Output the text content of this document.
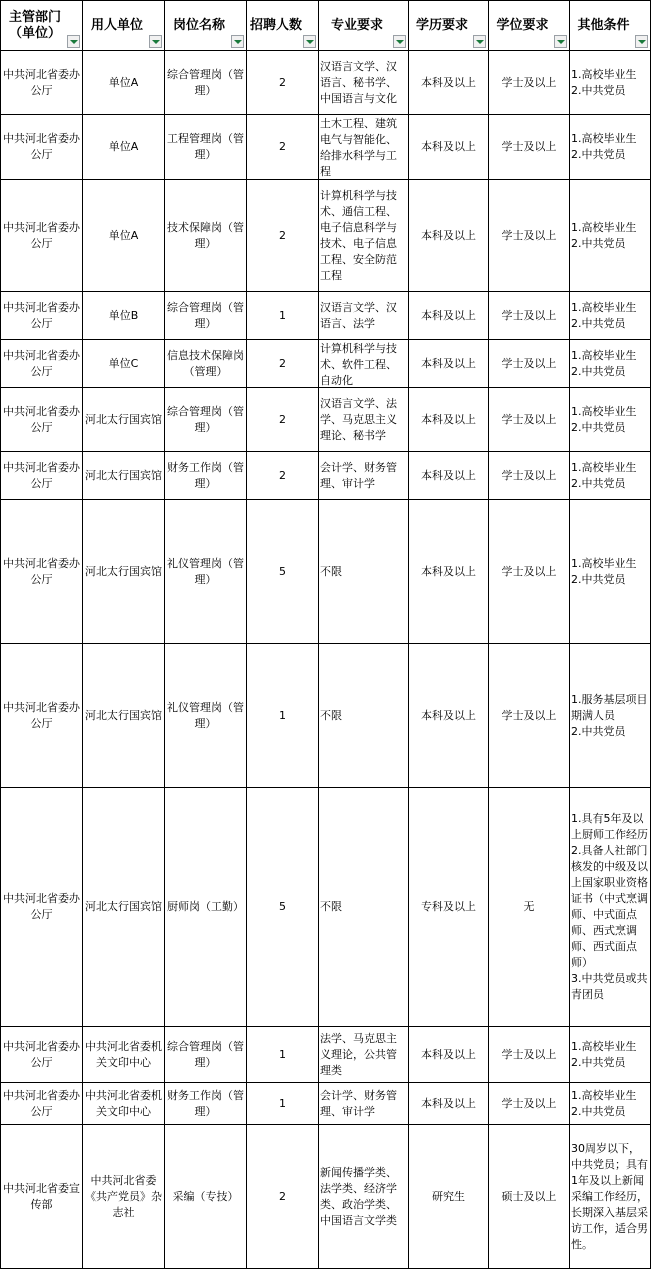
主管部门（单位）	用人单位	岗位名称	招聘人数	专业要求	学历要求	学位要求	其他条件

中共河北省委办公厅	单位A	综合管理岗（管理）	2	汉语言文学、汉语言、秘书学、中国语言与文化	本科及以上	学士及以上	1.高校毕业生
2.中共党员

中共河北省委办公厅	单位A	工程管理岗（管理）	2	土木工程、建筑电气与智能化、给排水科学与工程	本科及以上	学士及以上	1.高校毕业生
2.中共党员

中共河北省委办公厅	单位A	技术保障岗（管理）	2	计算机科学与技术、通信工程、电子信息科学与技术、电子信息工程、安全防范工程	本科及以上	学士及以上	1.高校毕业生
2.中共党员

中共河北省委办公厅	单位B	综合管理岗（管理）	1	汉语言文学、汉语言、法学	本科及以上	学士及以上	1.高校毕业生
2.中共党员

中共河北省委办公厅	单位C	信息技术保障岗（管理）	2	计算机科学与技术、软件工程、自动化	本科及以上	学士及以上	1.高校毕业生
2.中共党员

中共河北省委办公厅	河北太行国宾馆	综合管理岗（管理）	2	汉语言文学、法学、马克思主义理论、秘书学	本科及以上	学士及以上	1.高校毕业生
2.中共党员

中共河北省委办公厅	河北太行国宾馆	财务工作岗（管理）	2	会计学、财务管理、审计学	本科及以上	学士及以上	1.高校毕业生
2.中共党员

中共河北省委办公厅	河北太行国宾馆	礼仪管理岗（管理）	5	不限	本科及以上	学士及以上	1.高校毕业生
2.中共党员

中共河北省委办公厅	河北太行国宾馆	礼仪管理岗（管理）	1	不限	本科及以上	学士及以上	1.服务基层项目期满人员
2.中共党员

中共河北省委办公厅	河北太行国宾馆	厨师岗（工勤）	5	不限	专科及以上	无	1.具有5年及以上厨师工作经历
2.具备人社部门核发的中级及以上国家职业资格证书（中式烹调师、中式面点师、西式烹调师、西式面点师）
3.中共党员或共青团员

中共河北省委办公厅	中共河北省委机关文印中心	综合管理岗（管理）	1	法学、马克思主义理论，公共管理类	本科及以上	学士及以上	1.高校毕业生
2.中共党员

中共河北省委办公厅	中共河北省委机关文印中心	财务工作岗（管理）	1	会计学、财务管理、审计学	本科及以上	学士及以上	1.高校毕业生
2.中共党员

中共河北省委宣传部	中共河北省委《共产党员》杂志社	采编（专技）	2	新闻传播学类、法学类、经济学类、政治学类、中国语言文学类	研究生	硕士及以上	30周岁以下，中共党员；具有1年及以上新闻采编工作经历，长期深入基层采访工作，适合男性。
